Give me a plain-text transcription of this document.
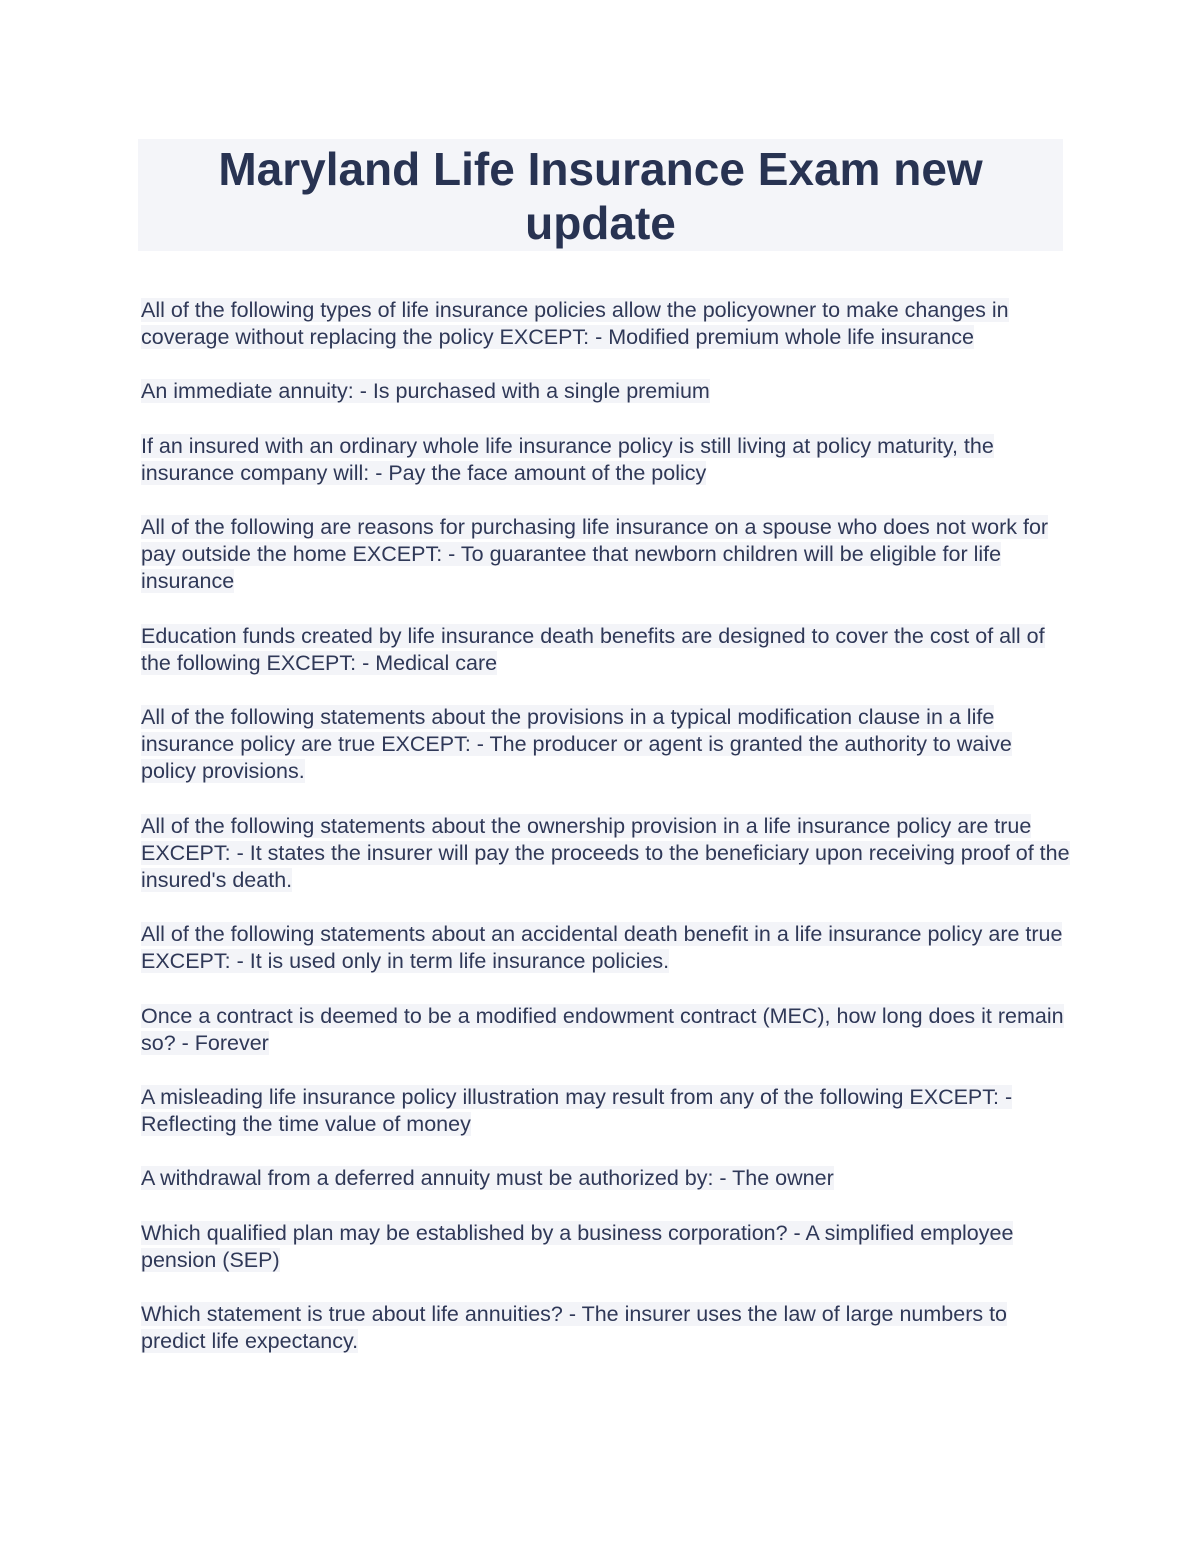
Maryland Life Insurance Exam new update

All of the following types of life insurance policies allow the policyowner to make changes in coverage without replacing the policy EXCEPT: - Modified premium whole life insurance

An immediate annuity: - Is purchased with a single premium

If an insured with an ordinary whole life insurance policy is still living at policy maturity, the insurance company will: - Pay the face amount of the policy

All of the following are reasons for purchasing life insurance on a spouse who does not work for pay outside the home EXCEPT: - To guarantee that newborn children will be eligible for life insurance

Education funds created by life insurance death benefits are designed to cover the cost of all of the following EXCEPT: - Medical care

All of the following statements about the provisions in a typical modification clause in a life insurance policy are true EXCEPT: - The producer or agent is granted the authority to waive policy provisions.

All of the following statements about the ownership provision in a life insurance policy are true EXCEPT: - It states the insurer will pay the proceeds to the beneficiary upon receiving proof of the insured's death.

All of the following statements about an accidental death benefit in a life insurance policy are true EXCEPT: - It is used only in term life insurance policies.

Once a contract is deemed to be a modified endowment contract (MEC), how long does it remain so? - Forever

A misleading life insurance policy illustration may result from any of the following EXCEPT: - Reflecting the time value of money

A withdrawal from a deferred annuity must be authorized by: - The owner

Which qualified plan may be established by a business corporation? - A simplified employee pension (SEP)

Which statement is true about life annuities? - The insurer uses the law of large numbers to predict life expectancy.
